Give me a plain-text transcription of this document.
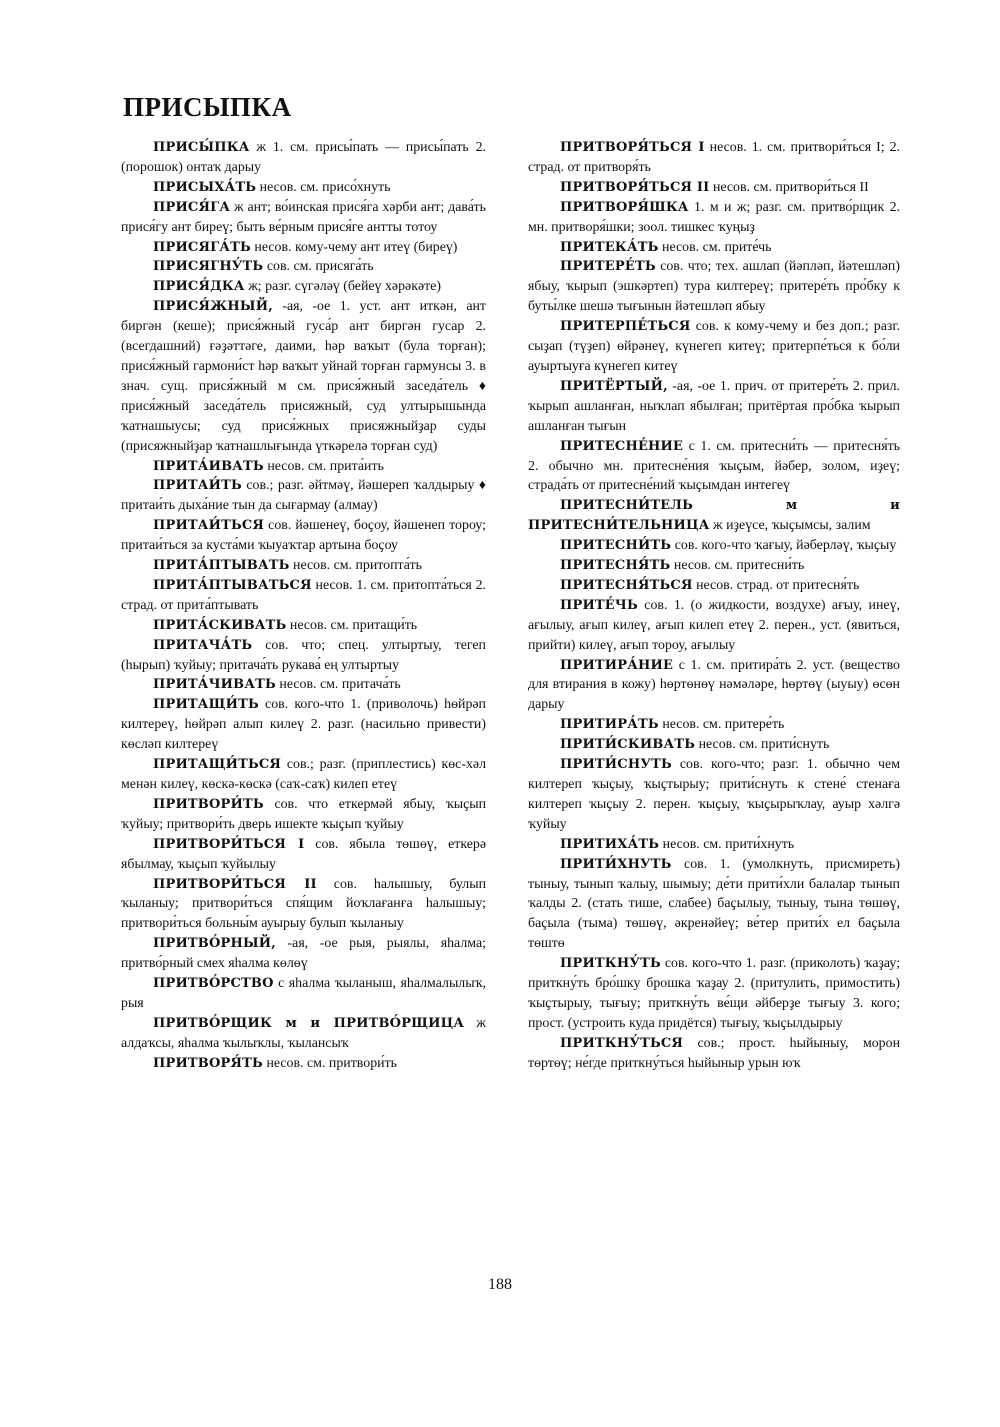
ПРИСЫПКА

ПРИСЫ́ПКА ж 1. см. присы́пать — присы́пать 2. (порошок) онтаҡ дарыу

ПРИСЫХА́ТЬ несов. см. присо́хнуть

ПРИСЯ́ГА ж ант; во́инская прися́га хәрби ант; дава́ть прися́гу ант биреү; быть ве́рным прися́ге антты тотоу

ПРИСЯГА́ТЬ несов. кому-чему ант итеү (биреү)

ПРИСЯГНУ́ТЬ сов. см. присяга́ть

ПРИСЯ́ДКА ж; разг. сүгәләү (бейеү хәрәкәте)

ПРИСЯ́ЖНЫЙ, -ая, -ое 1. уст. ант иткән, ант биргән (кеше); прися́жный гуса́р ант биргән гусар 2. (всегдашний) ғәҙәттәге, даими, һәр ваҡыт (була торған); прися́жный гармони́ст һәр ваҡыт уйнай торған гармунсы 3. в знач. сущ. прися́жный м см. прися́жный заседа́тель ♦ прися́жный заседа́тель присяжный, суд ултырышында ҡатнашыусы; суд прися́жных присяжныйҙар суды (присяжныйҙар ҡатнашлығында үткәрелә торған суд)

ПРИТА́ИВАТЬ несов. см. прита́ить

ПРИТАИ́ТЬ сов.; разг. әйтмәү, йәшереп ҡалдырыу ♦ притаи́ть дыха́ние тын да сығармау (алмау)

ПРИТАИ́ТЬСЯ сов. йәшенеү, боҫоу, йәшенеп тороу; притаи́ться за куста́ми ҡыуаҡтар артына боҫоу

ПРИТА́ПТЫВАТЬ несов. см. притопта́ть

ПРИТА́ПТЫВАТЬСЯ несов. 1. см. притопта́ться 2. страд. от прита́птывать

ПРИТА́СКИВАТЬ несов. см. притащи́ть

ПРИТАЧА́ТЬ сов. что; спец. ултыртыу, тегеп (һырып) ҡуйыу; притача́ть рукава́ ең ултыртыу

ПРИТА́ЧИВАТЬ несов. см. притача́ть

ПРИТАЩИ́ТЬ сов. кого-что 1. (приволочь) һөйрәп килтереү, һөйрәп алып килеү 2. разг. (насильно привести) көсләп килтереү

ПРИТАЩИ́ТЬСЯ сов.; разг. (приплестись) көс-хәл менән килеү, көскә-көскә (саҡ-саҡ) килеп етеү

ПРИТВОРИ́ТЬ сов. что еткермәй ябыу, ҡыҫып ҡуйыу; притвори́ть дверь ишекте ҡыҫып ҡуйыу

ПРИТВОРИ́ТЬСЯ I сов. ябыла төшөү, еткерә ябылмау, ҡыҫып ҡуйылыу

ПРИТВОРИ́ТЬСЯ II сов. һалышыу, булып ҡыланыу; притвори́ться спя́щим йоҡлағанға һалышыу; притвори́ться больны́м ауырыу булып ҡыланыу

ПРИТВО́РНЫЙ, -ая, -ое рыя, рыялы, яһалма; притво́рный смех яһалма көлөү

ПРИТВО́РСТВО с яһалма ҡыланыш, яһалмалылыҡ, рыя

ПРИТВО́РЩИК м и ПРИТВО́РЩИЦА ж алдаҡсы, яһалма ҡылыҡлы, ҡылансыҡ

ПРИТВОРЯ́ТЬ несов. см. притвори́ть

ПРИТВОРЯ́ТЬСЯ I несов. 1. см. притвори́ться I; 2. страд. от притворя́ть

ПРИТВОРЯ́ТЬСЯ II несов. см. притвори́ться II

ПРИТВОРЯ́ШКА 1. м и ж; разг. см. притво́рщик 2. мн. притворя́шки; зоол. тишкес ҡуңыҙ

ПРИТЕКА́ТЬ несов. см. прите́чь

ПРИТЕРЕ́ТЬ сов. что; тех. ашлап (йәпләп, йәтешләп) ябыу, ҡырып (эшкәртеп) тура килтереү; притере́ть про́бку к буты́лке шешә тығынын йәтешләп ябыу

ПРИТЕРПЕ́ТЬСЯ сов. к кому-чему и без доп.; разг. сыҙап (түҙеп) өйрәнеү, күнегеп китеү; притерпе́ться к бо́ли ауыртыуға күнегеп китеү

ПРИТЁРТЫЙ, -ая, -ое 1. прич. от притере́ть 2. прил. ҡырып ашланған, ныҡлап ябылған; притёртая про́бка ҡырып ашланған тығын

ПРИТЕСНЕ́НИЕ с 1. см. притесни́ть — притесня́ть 2. обычно мн. притесне́ния ҡыҫым, йәбер, золом, иҙеү; страда́ть от притесне́ний ҡыҫымдан интегеү

ПРИТЕСНИ́ТЕЛЬ м и ПРИТЕСНИ́ТЕЛЬНИЦА ж иҙеүсе, ҡыҫымсы, залим

ПРИТЕСНИ́ТЬ сов. кого-что ҡағыу, йәберләү, ҡыҫыу

ПРИТЕСНЯ́ТЬ несов. см. притесни́ть

ПРИТЕСНЯ́ТЬСЯ несов. страд. от притесня́ть

ПРИТЕ́ЧЬ сов. 1. (о жидкости, воздухе) ағыу, инеү, ағылыу, ағып килеү, ағып килеп етеү 2. перен., уст. (явиться, прийти) килеү, ағып тороу, ағылыу

ПРИТИРА́НИЕ с 1. см. притира́ть 2. уст. (вещество для втирания в кожу) һөртөнөү нәмәләре, һөртөү (ыуыу) өсөн дарыу

ПРИТИРА́ТЬ несов. см. притере́ть

ПРИТИ́СКИВАТЬ несов. см. прити́снуть

ПРИТИ́СНУТЬ сов. кого-что; разг. 1. обычно чем килтереп ҡыҫыу, ҡыҫтырыу; прити́снуть к стене́ стенаға килтереп ҡыҫыу 2. перен. ҡыҫыу, ҡыҫырыҡлау, ауыр хәлгә ҡуйыу

ПРИТИХА́ТЬ несов. см. прити́хнуть

ПРИТИ́ХНУТЬ сов. 1. (умолкнуть, присмиреть) тыныу, тынып ҡалыу, шымыу; де́ти прити́хли балалар тынып ҡалды 2. (стать тише, слабее) баҫылыу, тыныу, тына төшөү, баҫыла (тыма) төшөү, әкренәйеү; ве́тер прити́х ел баҫыла төштө

ПРИТКНУ́ТЬ сов. кого-что 1. разг. (приколоть) ҡаҙау; приткну́ть бро́шку брошка ҡаҙау 2. (притулить, примостить) ҡыҫтырыу, тығыу; приткну́ть ве́щи әйберҙе тығыу 3. кого; прост. (устроить куда придётся) тығыу, ҡыҫылдырыу

ПРИТКНУ́ТЬСЯ сов.; прост. һыйыныу, морон төртөү; не́где приткну́ться һыйыныр урын юҡ

188
